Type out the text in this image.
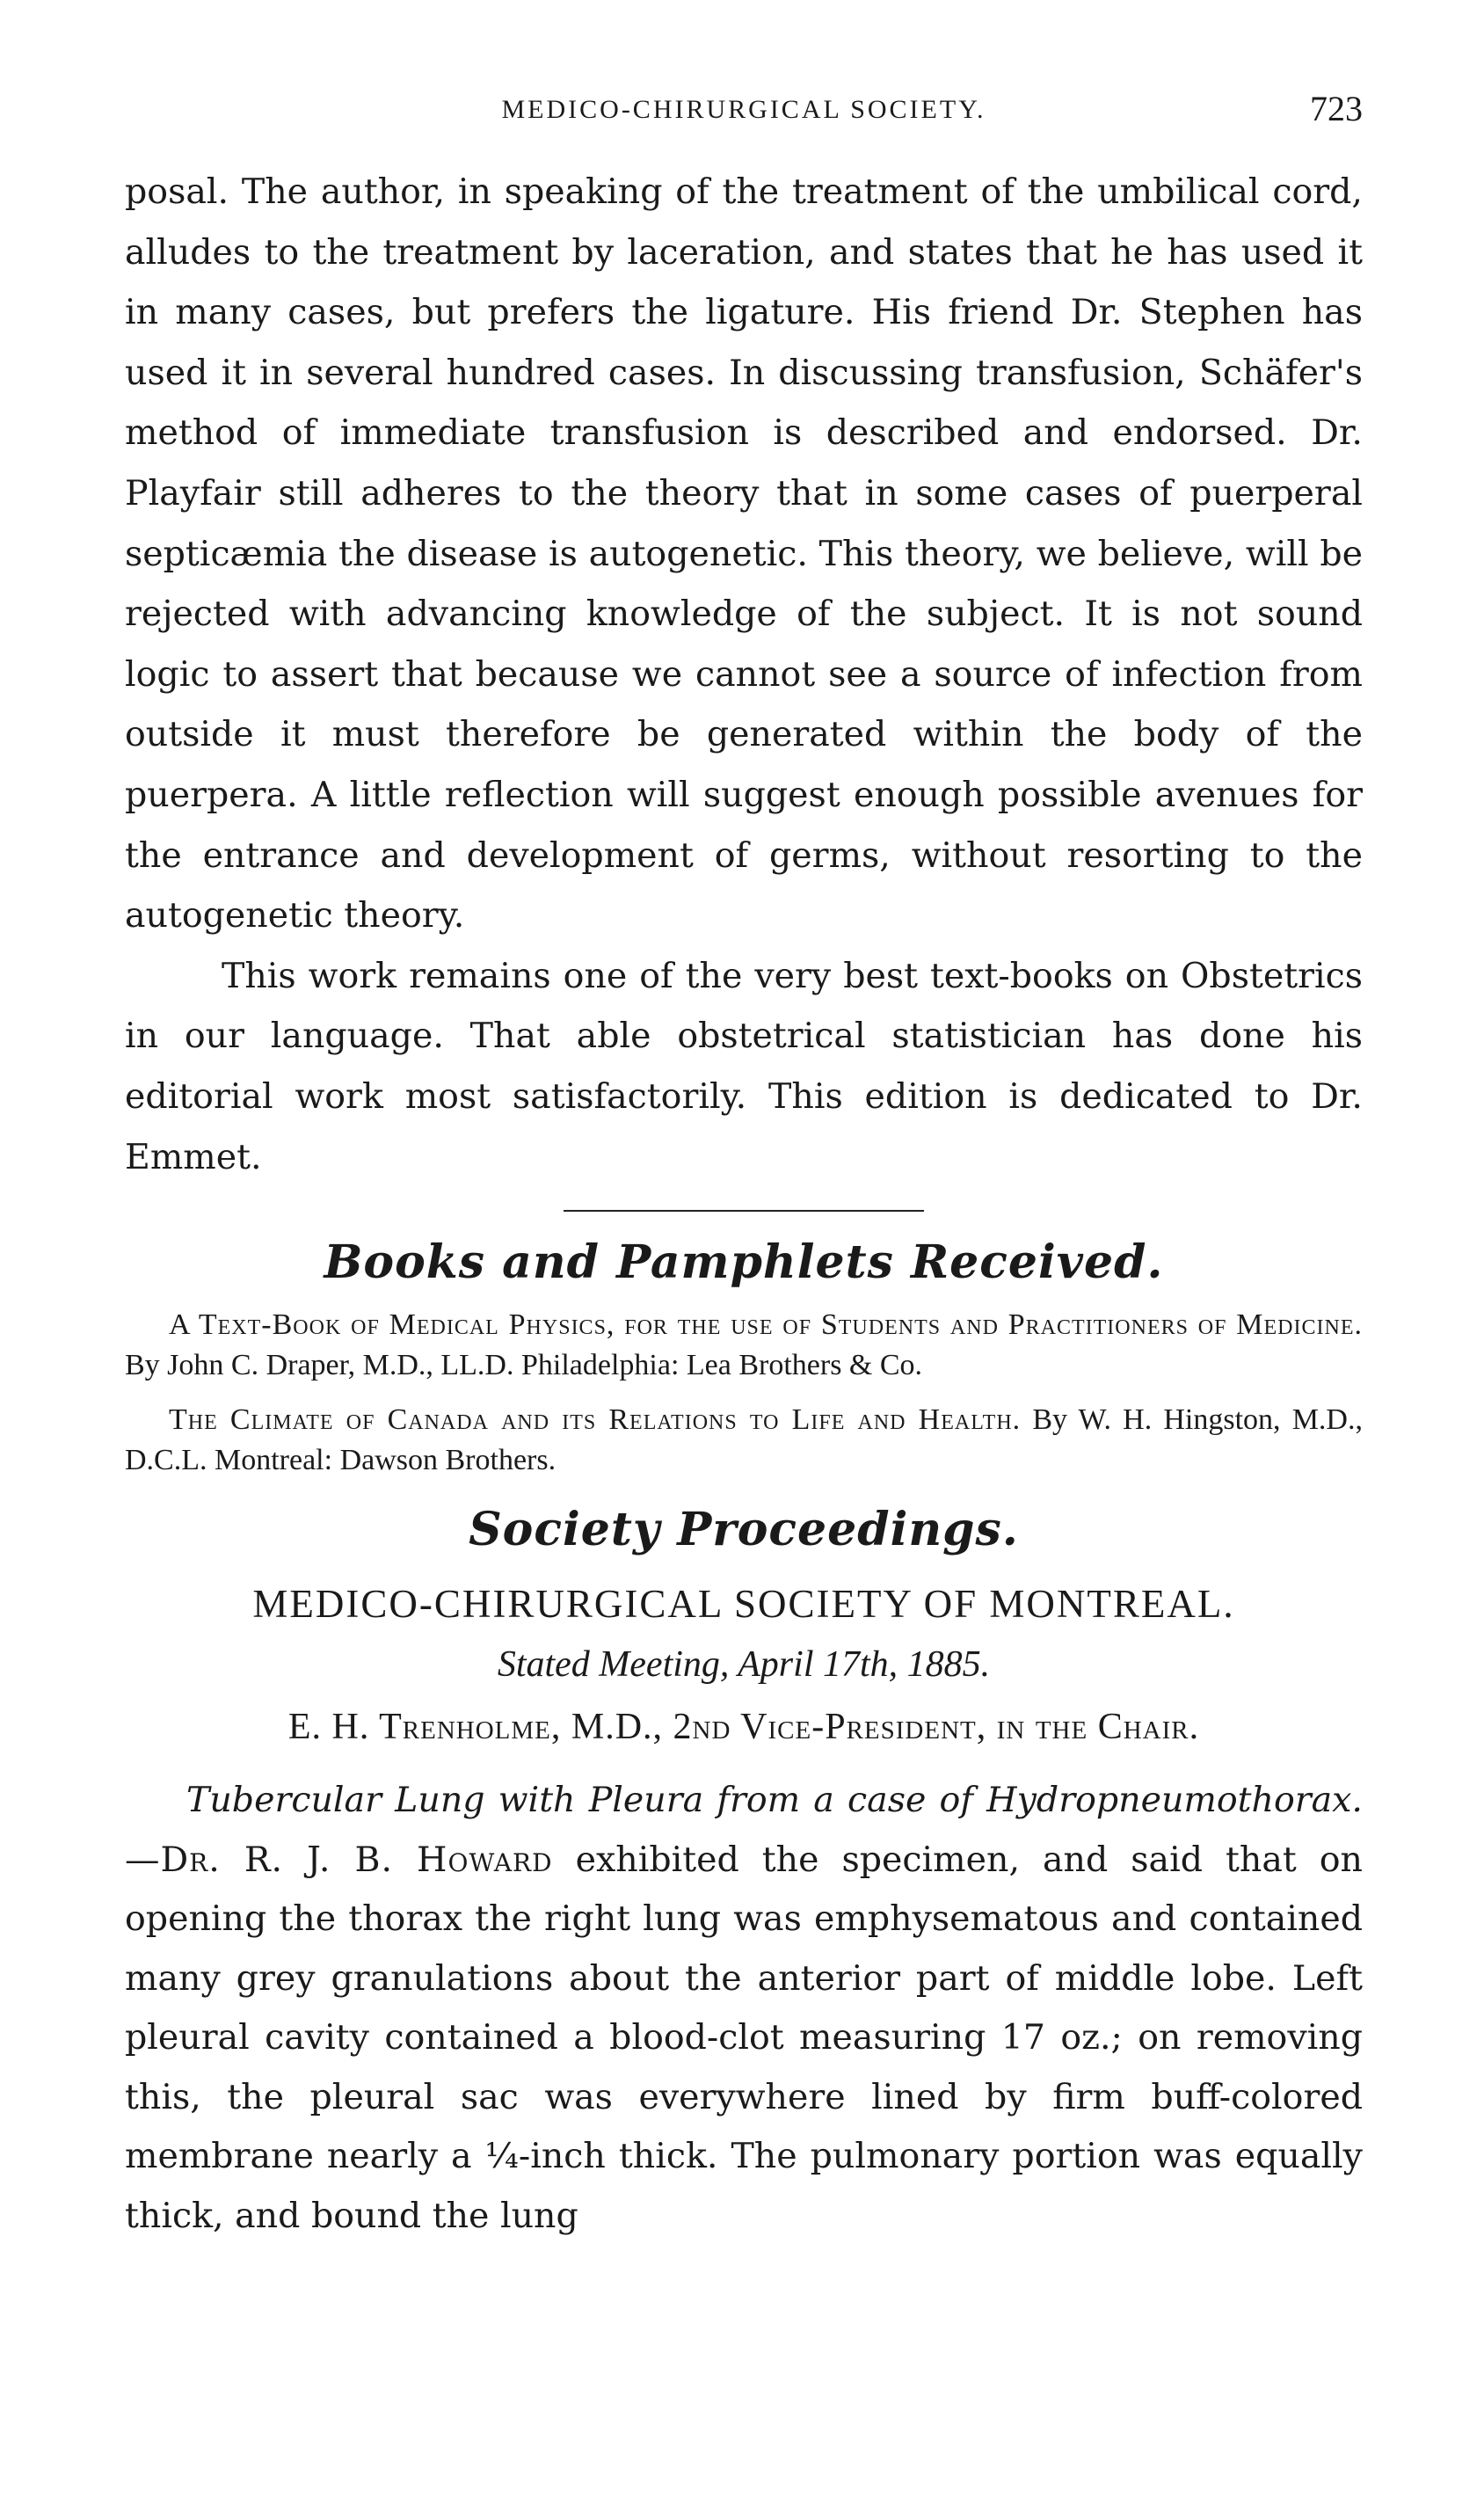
MEDICO-CHIRURGICAL SOCIETY.	723

posal. The author, in speaking of the treatment of the umbilical cord, alludes to the treatment by laceration, and states that he has used it in many cases, but prefers the ligature. His friend Dr. Stephen has used it in several hundred cases. In discussing transfusion, Schäfer's method of immediate transfusion is described and endorsed. Dr. Playfair still adheres to the theory that in some cases of puerperal septicæmia the disease is autogenetic. This theory, we believe, will be rejected with advancing knowledge of the subject. It is not sound logic to assert that because we cannot see a source of infection from outside it must therefore be generated within the body of the puerpera. A little reflection will suggest enough possible avenues for the entrance and development of germs, without resorting to the autogenetic theory.

This work remains one of the very best text-books on Obstetrics in our language. That able obstetrical statistician has done his editorial work most satisfactorily. This edition is dedicated to Dr. Emmet.

Books and Pamphlets Received.

A Text-Book of Medical Physics, for the use of Students and Practitioners of Medicine. By John C. Draper, M.D., LL.D. Philadelphia: Lea Brothers & Co.

The Climate of Canada and its Relations to Life and Health. By W. H. Hingston, M.D., D.C.L. Montreal: Dawson Brothers.

Society Proceedings.

MEDICO-CHIRURGICAL SOCIETY OF MONTREAL.

Stated Meeting, April 17th, 1885.

E. H. Trenholme, M.D., 2nd Vice-President, in the Chair.

Tubercular Lung with Pleura from a case of Hydropneumothorax.—Dr. R. J. B. Howard exhibited the specimen, and said that on opening the thorax the right lung was emphysematous and contained many grey granulations about the anterior part of middle lobe. Left pleural cavity contained a blood-clot measuring 17 oz.; on removing this, the pleural sac was everywhere lined by firm buff-colored membrane nearly a ¼-inch thick. The pulmonary portion was equally thick, and bound the lung
